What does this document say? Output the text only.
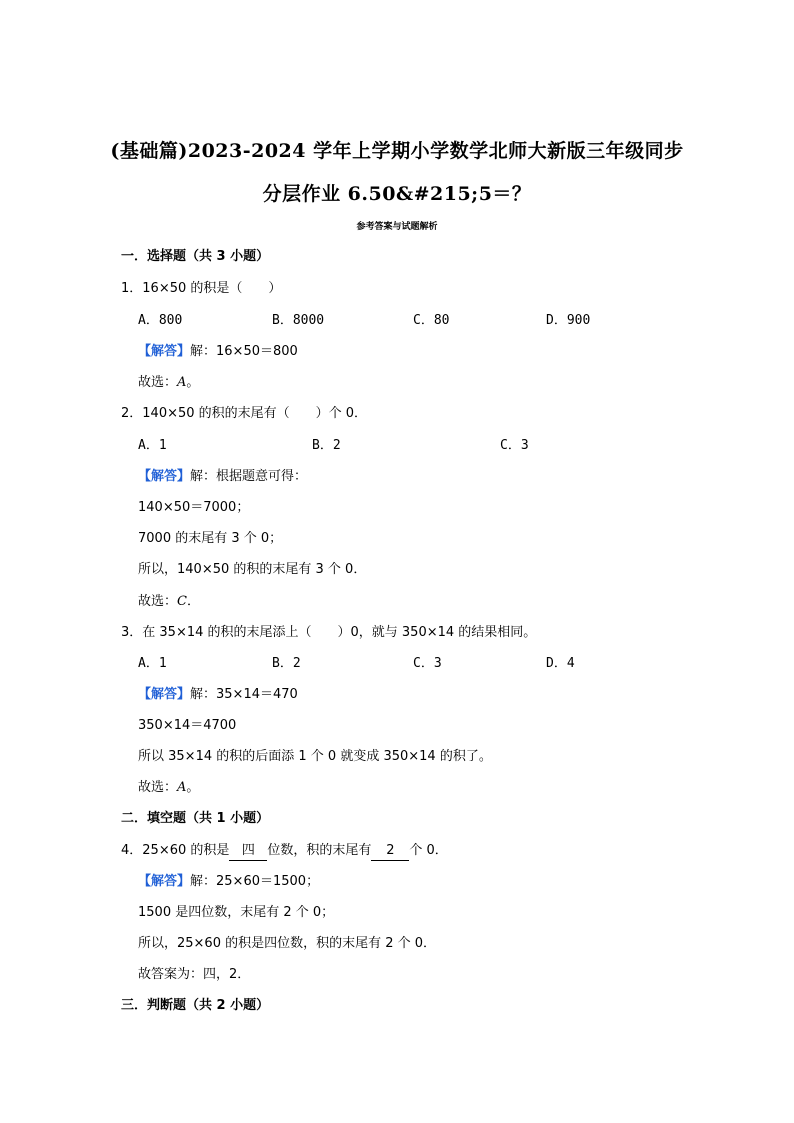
(基础篇)2023-2024 学年上学期小学数学北师大新版三年级同步
分层作业 6.50&#215;5＝？
参考答案与试题解析
一．选择题（共 3 小题）
1．16×50 的积是（　　）
A．800	B．8000	C．80	D．900
【解答】解：16×50＝800
故选：A。
2．140×50 的积的末尾有（　　）个 0．
A．1	B．2	C．3
【解答】解：根据题意可得：
140×50＝7000；
7000 的末尾有 3 个 0；
所以，140×50 的积的末尾有 3 个 0．
故选：C．
3．在 35×14 的积的末尾添上（　　）0，就与 350×14 的结果相同。
A．1	B．2	C．3	D．4
【解答】解：35×14＝470
350×14＝4700
所以 35×14 的积的后面添 1 个 0 就变成 350×14 的积了。
故选：A。
二．填空题（共 1 小题）
4．25×60 的积是 四 位数，积的末尾有 2 个 0．
【解答】解：25×60＝1500；
1500 是四位数，末尾有 2 个 0；
所以，25×60 的积是四位数，积的末尾有 2 个 0．
故答案为：四，2．
三．判断题（共 2 小题）
